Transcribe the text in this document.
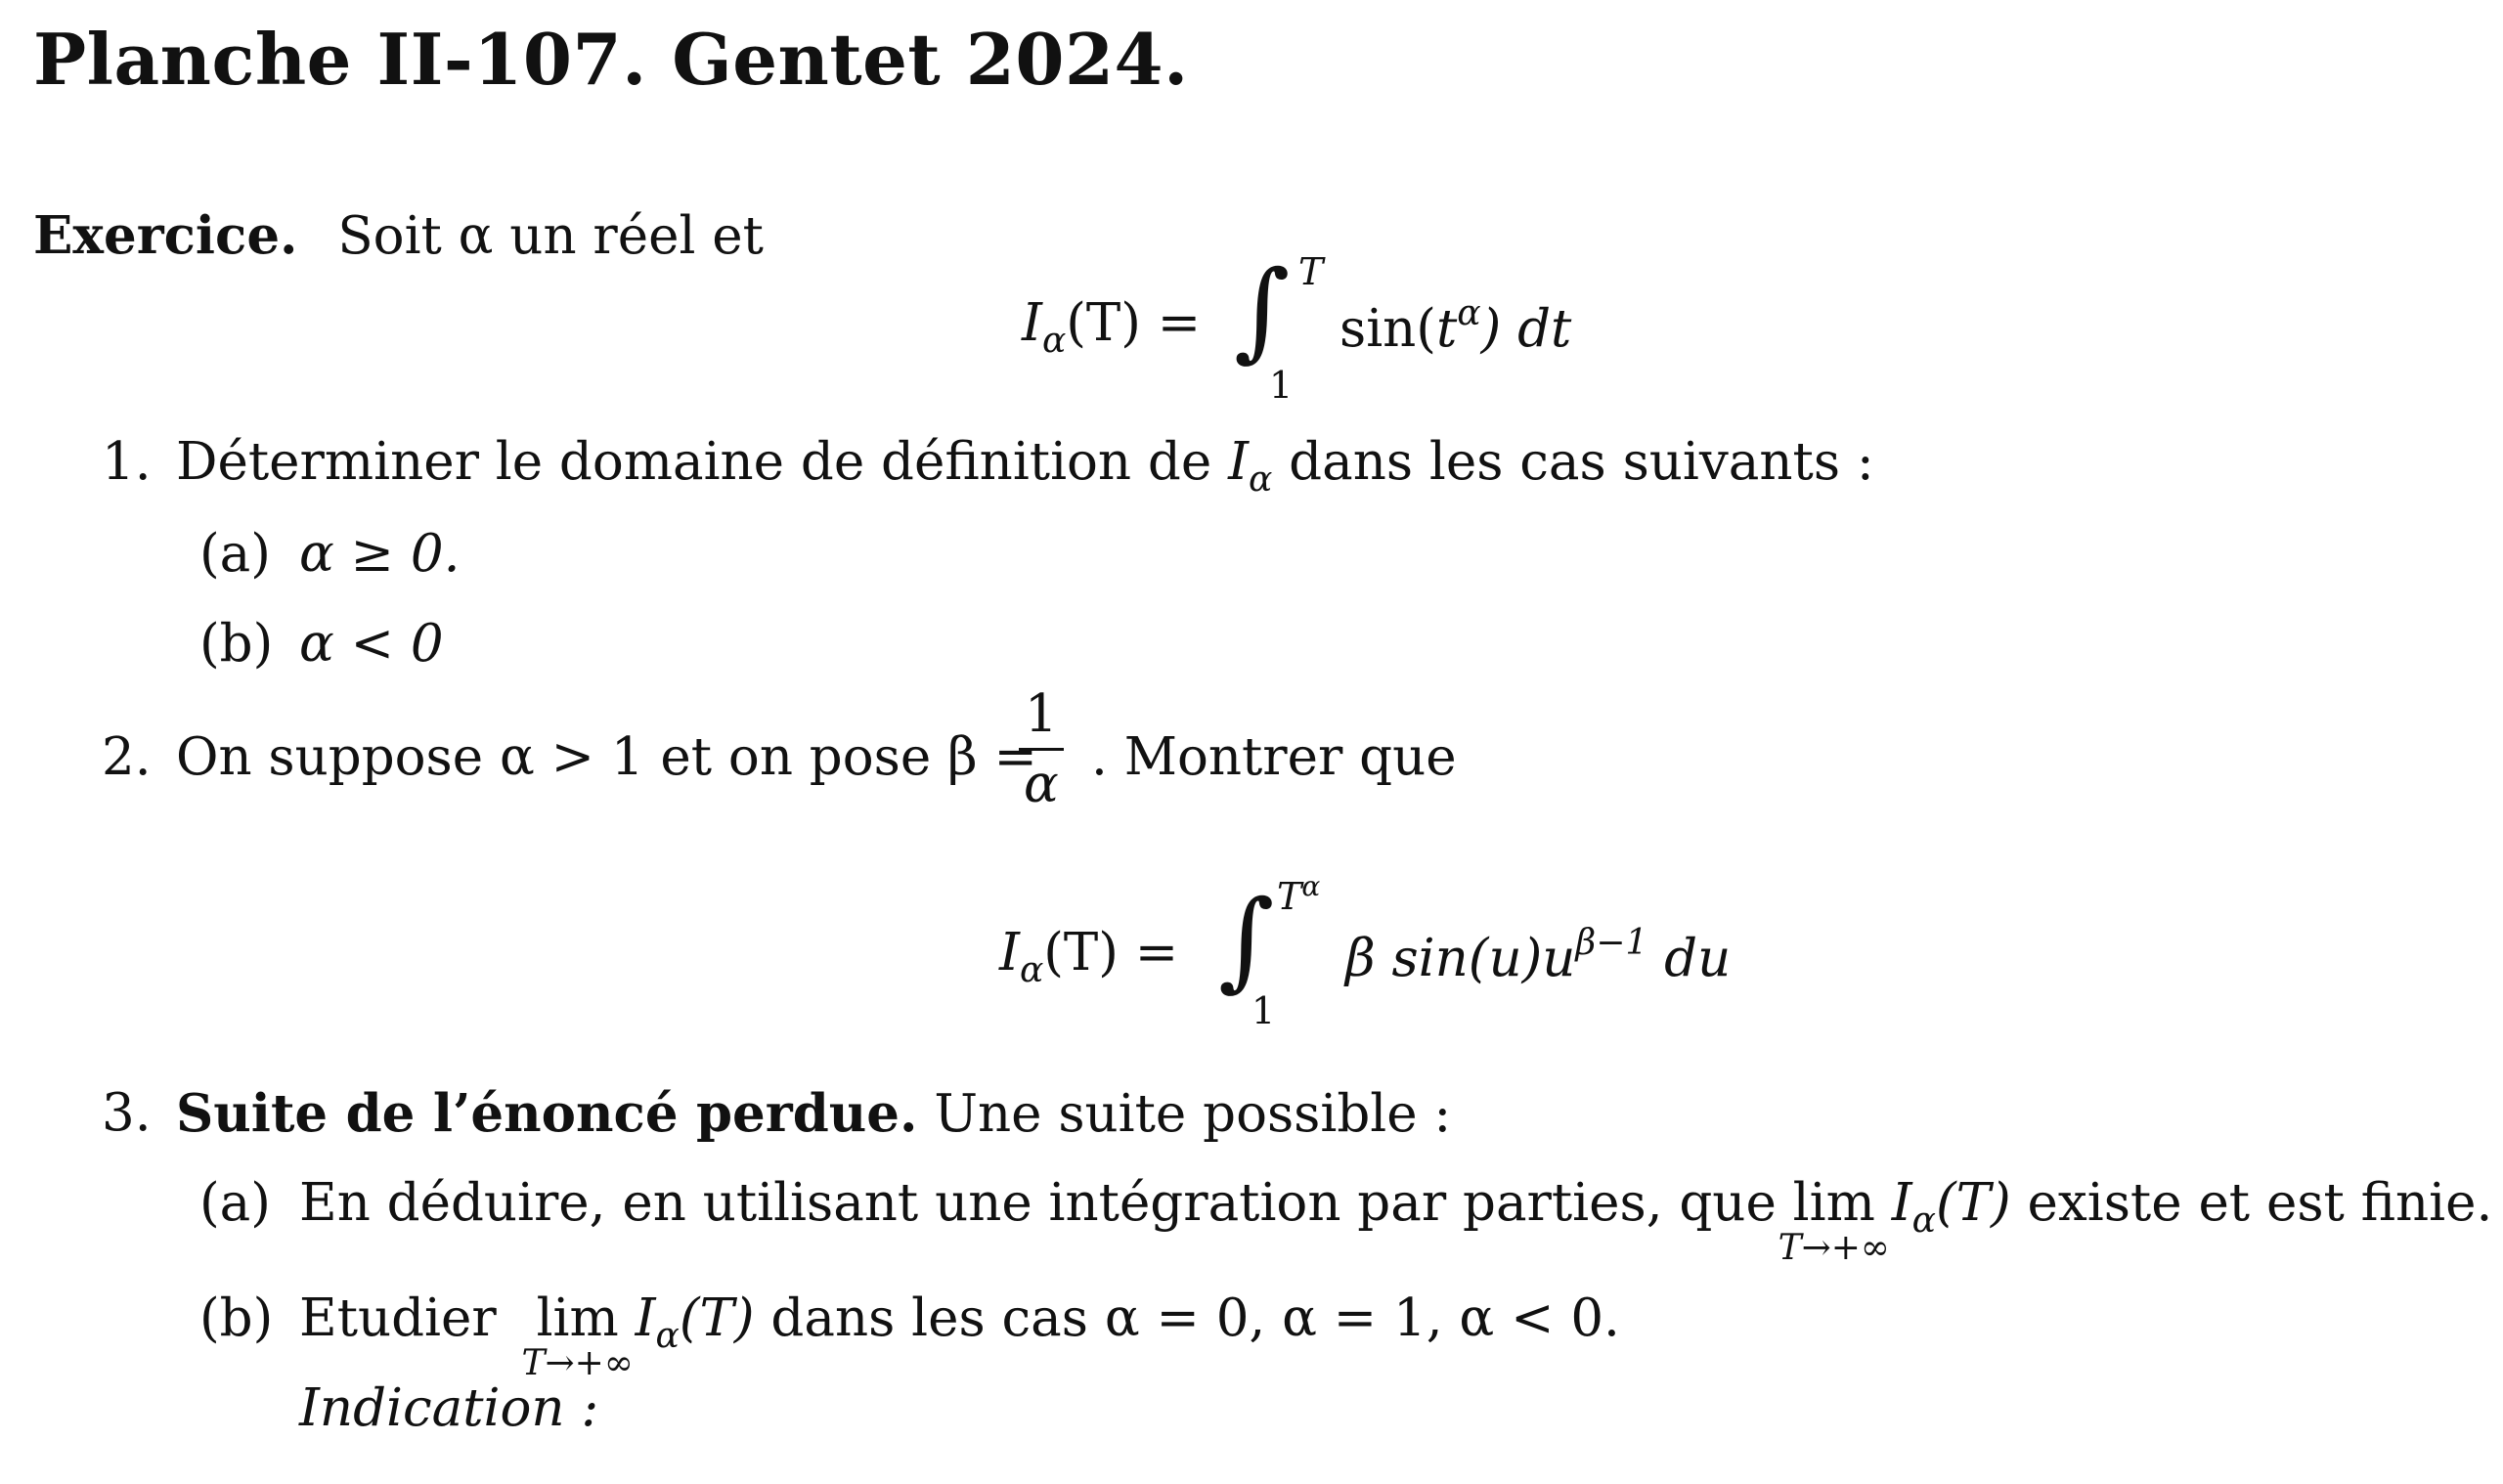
Planche II-107. Gentet 2024.
Exercice. Soit α un réel et
$I_\alpha(T)$ = ∫ T
1
$\sin(t^\alpha)$ dt
1. Déterminer le domaine de définition de $I_\alpha$ dans les cas suivants :
(a) α ≥ 0.
(b) α < 0
2. On suppose α > 1 et on pose β =
$\frac{1}{\alpha}$ . Montrer que
$I_\alpha(T)$ = ∫ $T^\alpha$
1
β $\sin(u)u^{\beta-1}$ du
3. Suite de l’énoncé perdue. Une suite possible :
(a) En déduire, en utilisant une intégration par parties, que lim
T→+∞
$I_\alpha(T)$ existe et est finie.
(b) Etudier lim
T→+∞
$I_\alpha(T)$ dans les cas α = 0, α = 1, α < 0.
Indication :
